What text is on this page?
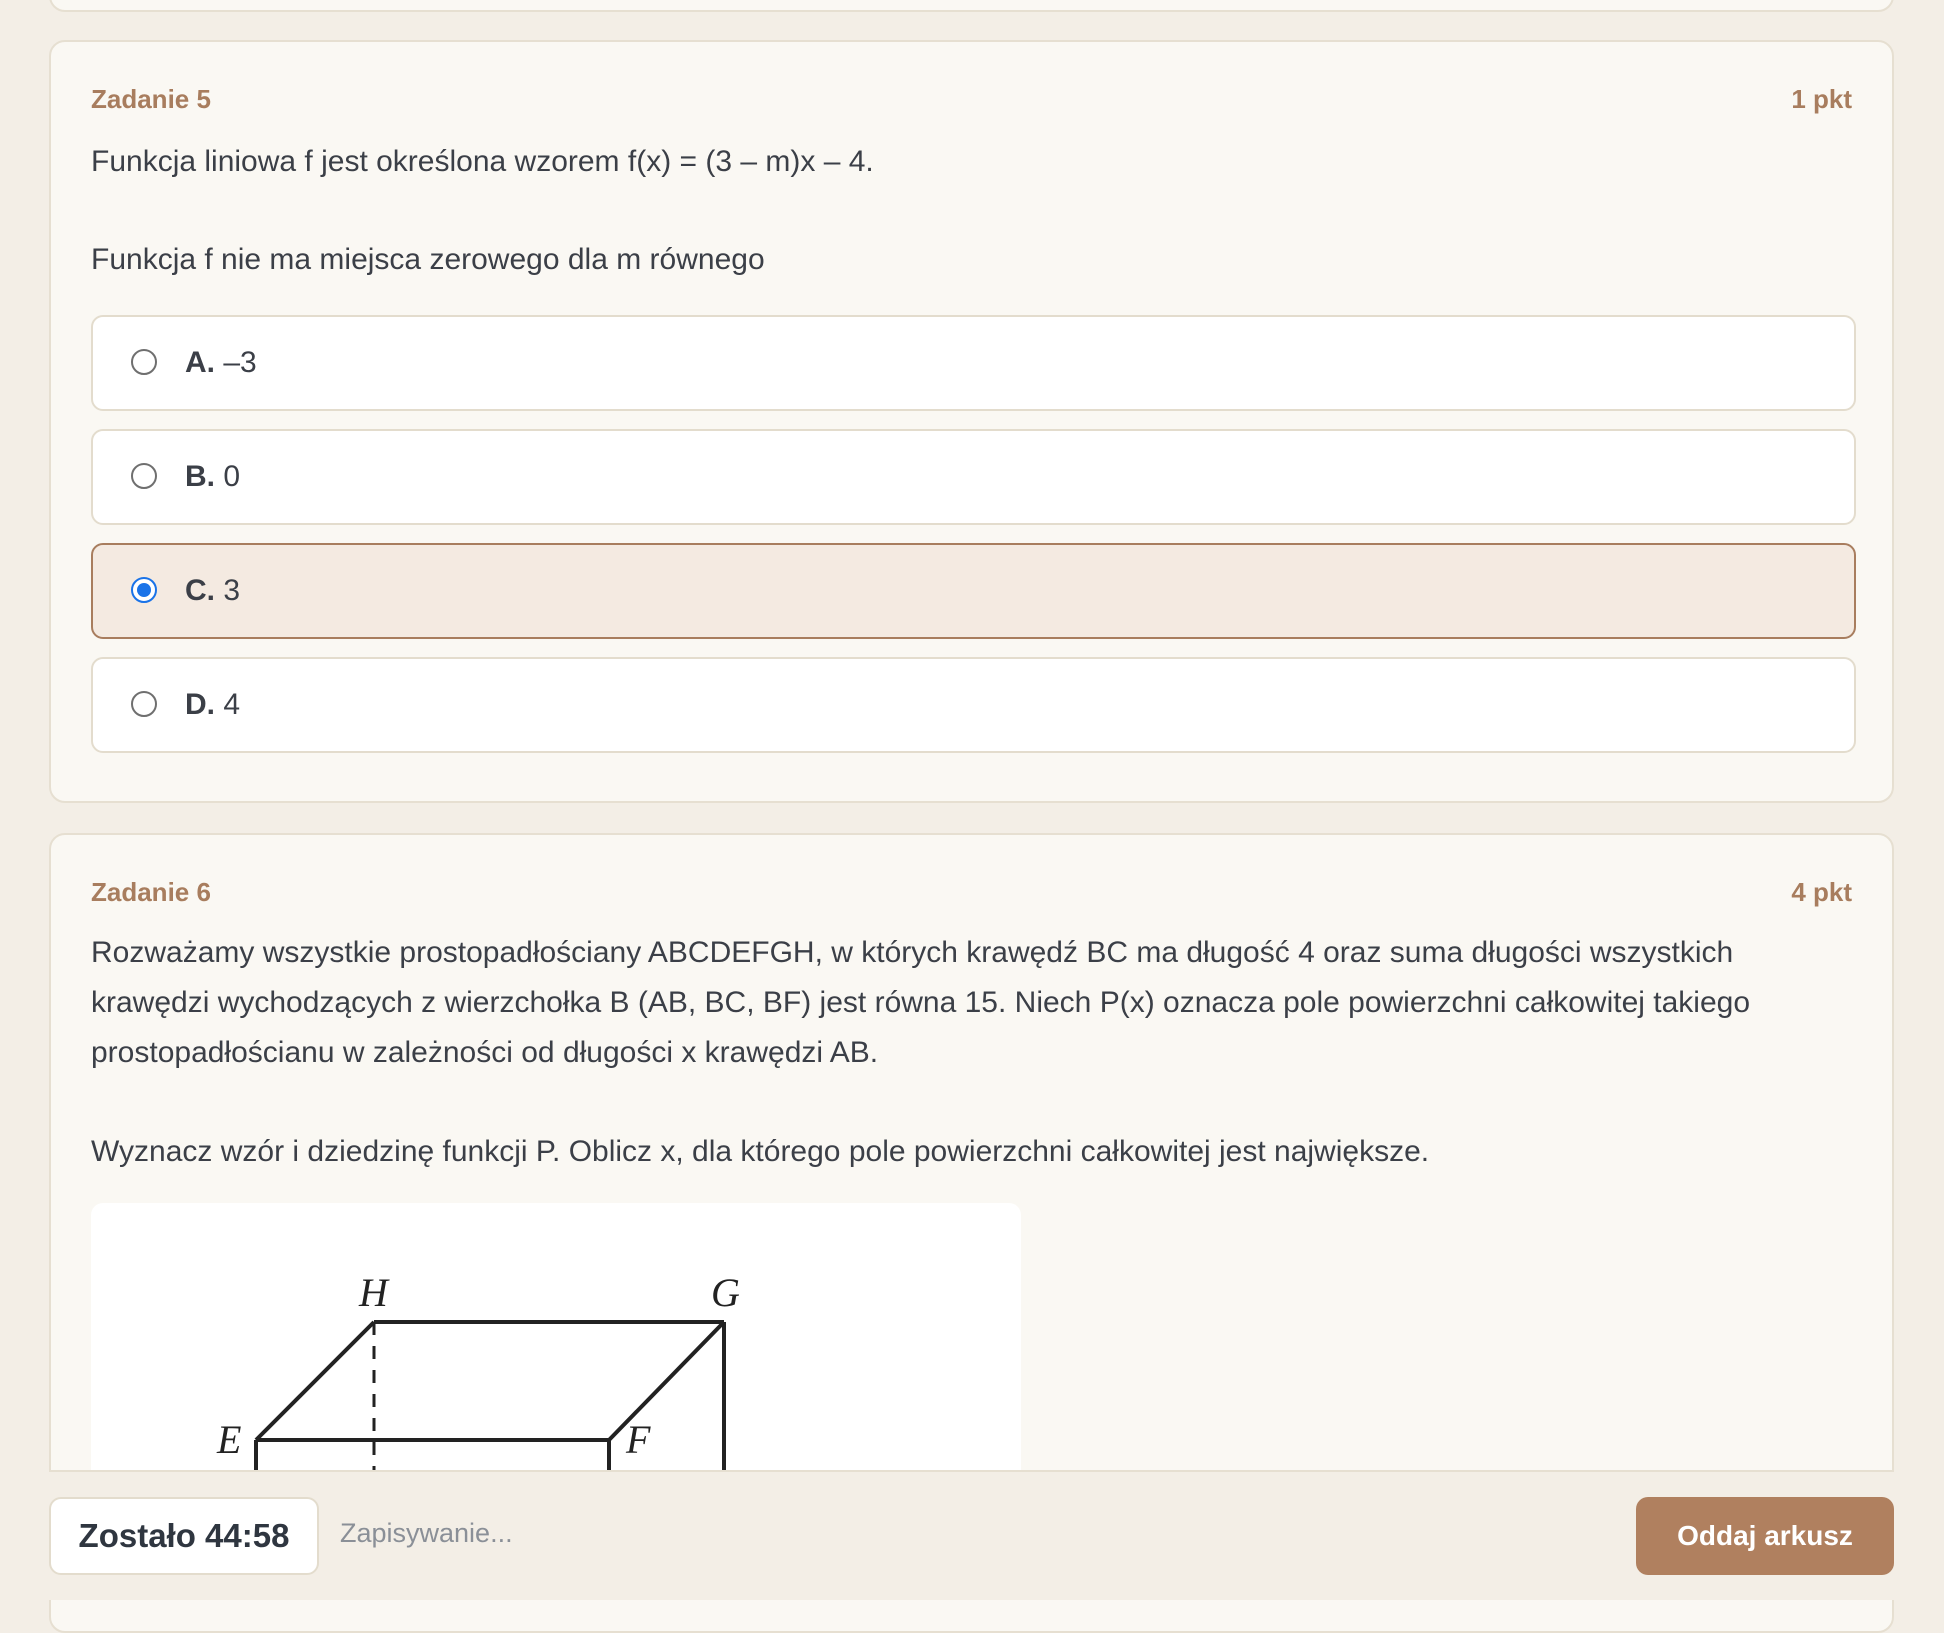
Zadanie 5	1 pkt
Funkcja liniowa f jest określona wzorem f(x) = (3 – m)x – 4.
Funkcja f nie ma miejsca zerowego dla m równego
A. –3
B. 0
C. 3
D. 4
Zadanie 6	4 pkt
Rozważamy wszystkie prostopadłościany ABCDEFGH, w których krawędź BC ma długość 4 oraz suma długości wszystkich krawędzi wychodzących z wierzchołka B (AB, BC, BF) jest równa 15. Niech P(x) oznacza pole powierzchni całkowitej takiego prostopadłościanu w zależności od długości x krawędzi AB.
Wyznacz wzór i dziedzinę funkcji P. Oblicz x, dla którego pole powierzchni całkowitej jest największe.
H	G
E	F
Zostało 44:58	Zapisywanie...	Oddaj arkusz
